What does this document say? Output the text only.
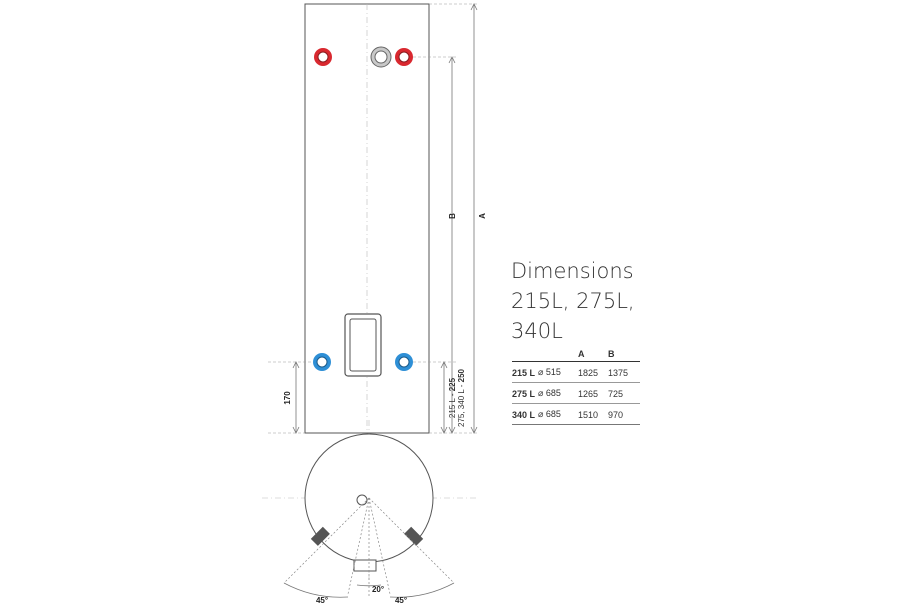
A
B
215 L - 225 275, 340 L - 250
170
45°
20°
45°
Dimensions
215L, 275L,
340L
		A	B
215 L	⌀ 515	1825	1375
275 L	⌀ 685	1265	725
340 L	⌀ 685	1510	970
